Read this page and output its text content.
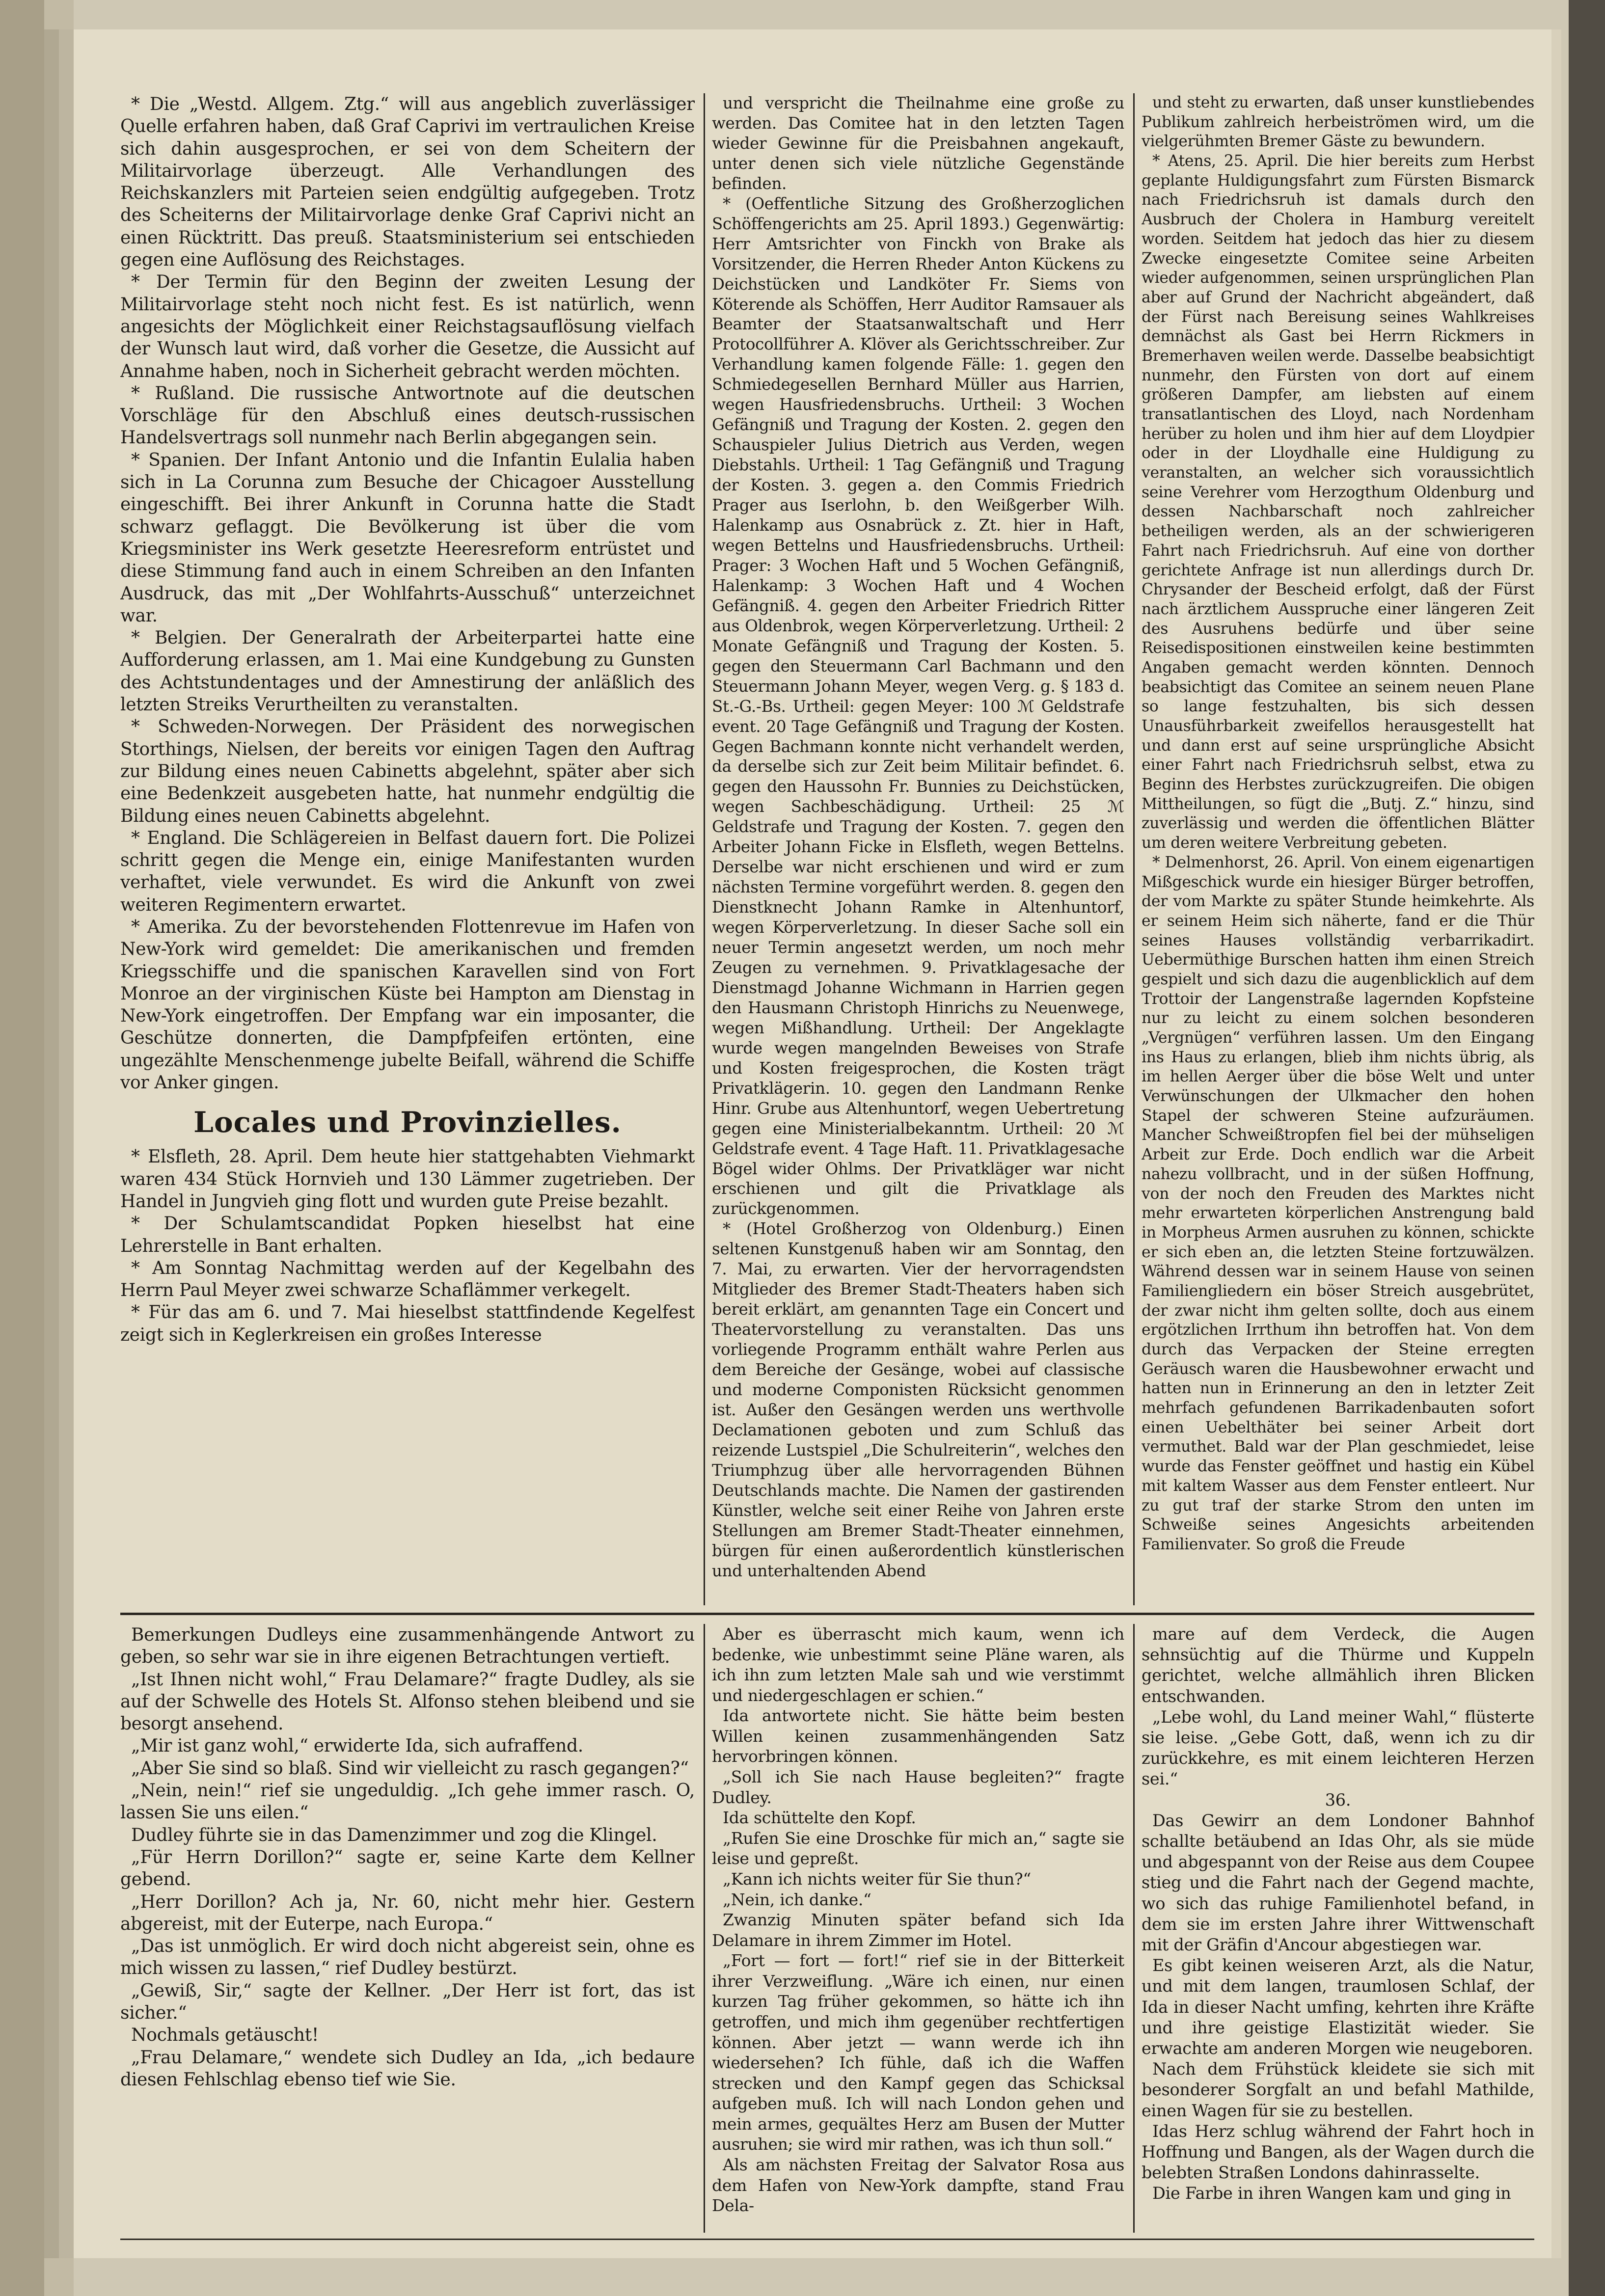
* Die „Westd. Allgem. Ztg.“ will aus angeblich zuverlässiger Quelle erfahren haben, daß Graf Caprivi im vertraulichen Kreise sich dahin ausgesprochen, er sei von dem Scheitern der Militairvorlage überzeugt. Alle Verhandlungen des Reichskanzlers mit Parteien seien endgültig aufgegeben. Trotz des Scheiterns der Militairvorlage denke Graf Caprivi nicht an einen Rücktritt. Das preuß. Staatsministerium sei entschieden gegen eine Auflösung des Reichstages.

* Der Termin für den Beginn der zweiten Lesung der Militairvorlage steht noch nicht fest. Es ist natürlich, wenn angesichts der Möglichkeit einer Reichstagsauflösung vielfach der Wunsch laut wird, daß vorher die Gesetze, die Aussicht auf Annahme haben, noch in Sicherheit gebracht werden möchten.

* Rußland. Die russische Antwortnote auf die deutschen Vorschläge für den Abschluß eines deutsch-russischen Handelsvertrags soll nunmehr nach Berlin abgegangen sein.

* Spanien. Der Infant Antonio und die Infantin Eulalia haben sich in La Corunna zum Besuche der Chicagoer Ausstellung eingeschifft. Bei ihrer Ankunft in Corunna hatte die Stadt schwarz geflaggt. Die Bevölkerung ist über die vom Kriegsminister ins Werk gesetzte Heeresreform entrüstet und diese Stimmung fand auch in einem Schreiben an den Infanten Ausdruck, das mit „Der Wohlfahrts-Ausschuß“ unterzeichnet war.

* Belgien. Der Generalrath der Arbeiterpartei hatte eine Aufforderung erlassen, am 1. Mai eine Kundgebung zu Gunsten des Achtstundentages und der Amnestirung der anläßlich des letzten Streiks Verurtheilten zu veranstalten.

* Schweden-Norwegen. Der Präsident des norwegischen Storthings, Nielsen, der bereits vor einigen Tagen den Auftrag zur Bildung eines neuen Cabinetts abgelehnt, später aber sich eine Bedenkzeit ausgebeten hatte, hat nunmehr endgültig die Bildung eines neuen Cabinetts abgelehnt.

* England. Die Schlägereien in Belfast dauern fort. Die Polizei schritt gegen die Menge ein, einige Manifestanten wurden verhaftet, viele verwundet. Es wird die Ankunft von zwei weiteren Regimentern erwartet.

* Amerika. Zu der bevorstehenden Flottenrevue im Hafen von New-York wird gemeldet: Die amerikanischen und fremden Kriegsschiffe und die spanischen Karavellen sind von Fort Monroe an der virginischen Küste bei Hampton am Dienstag in New-York eingetroffen. Der Empfang war ein imposanter, die Geschütze donnerten, die Dampfpfeifen ertönten, eine ungezählte Menschenmenge jubelte Beifall, während die Schiffe vor Anker gingen.

Locales und Provinzielles.

* Elsfleth, 28. April. Dem heute hier stattgehabten Viehmarkt waren 434 Stück Hornvieh und 130 Lämmer zugetrieben. Der Handel in Jungvieh ging flott und wurden gute Preise bezahlt.

* Der Schulamtscandidat Popken hieselbst hat eine Lehrerstelle in Bant erhalten.

* Am Sonntag Nachmittag werden auf der Kegelbahn des Herrn Paul Meyer zwei schwarze Schaflämmer verkegelt.

* Für das am 6. und 7. Mai hieselbst stattfindende Kegelfest zeigt sich in Keglerkreisen ein großes Interesse

und verspricht die Theilnahme eine große zu werden. Das Comitee hat in den letzten Tagen wieder Gewinne für die Preisbahnen angekauft, unter denen sich viele nützliche Gegenstände befinden.

* (Oeffentliche Sitzung des Großherzoglichen Schöffengerichts am 25. April 1893.) Gegenwärtig: Herr Amtsrichter von Finckh von Brake als Vorsitzender, die Herren Rheder Anton Kückens zu Deichstücken und Landköter Fr. Siems von Köterende als Schöffen, Herr Auditor Ramsauer als Beamter der Staatsanwaltschaft und Herr Protocollführer A. Klöver als Gerichtsschreiber. Zur Verhandlung kamen folgende Fälle: 1. gegen den Schmiedegesellen Bernhard Müller aus Harrien, wegen Hausfriedensbruchs. Urtheil: 3 Wochen Gefängniß und Tragung der Kosten. 2. gegen den Schauspieler Julius Dietrich aus Verden, wegen Diebstahls. Urtheil: 1 Tag Gefängniß und Tragung der Kosten. 3. gegen a. den Commis Friedrich Prager aus Iserlohn, b. den Weißgerber Wilh. Halenkamp aus Osnabrück z. Zt. hier in Haft, wegen Bettelns und Hausfriedensbruchs. Urtheil: Prager: 3 Wochen Haft und 5 Wochen Gefängniß, Halenkamp: 3 Wochen Haft und 4 Wochen Gefängniß. 4. gegen den Arbeiter Friedrich Ritter aus Oldenbrok, wegen Körperverletzung. Urtheil: 2 Monate Gefängniß und Tragung der Kosten. 5. gegen den Steuermann Carl Bachmann und den Steuermann Johann Meyer, wegen Verg. g. § 183 d. St.-G.-Bs. Urtheil: gegen Meyer: 100 ℳ Geldstrafe event. 20 Tage Gefängniß und Tragung der Kosten. Gegen Bachmann konnte nicht verhandelt werden, da derselbe sich zur Zeit beim Militair befindet. 6. gegen den Haussohn Fr. Bunnies zu Deichstücken, wegen Sachbeschädigung. Urtheil: 25 ℳ Geldstrafe und Tragung der Kosten. 7. gegen den Arbeiter Johann Ficke in Elsfleth, wegen Bettelns. Derselbe war nicht erschienen und wird er zum nächsten Termine vorgeführt werden. 8. gegen den Dienstknecht Johann Ramke in Altenhuntorf, wegen Körperverletzung. In dieser Sache soll ein neuer Termin angesetzt werden, um noch mehr Zeugen zu vernehmen. 9. Privatklagesache der Dienstmagd Johanne Wichmann in Harrien gegen den Hausmann Christoph Hinrichs zu Neuenwege, wegen Mißhandlung. Urtheil: Der Angeklagte wurde wegen mangelnden Beweises von Strafe und Kosten freigesprochen, die Kosten trägt Privatklägerin. 10. gegen den Landmann Renke Hinr. Grube aus Altenhuntorf, wegen Uebertretung gegen eine Ministerialbekanntm. Urtheil: 20 ℳ Geldstrafe event. 4 Tage Haft. 11. Privatklagesache Bögel wider Ohlms. Der Privatkläger war nicht erschienen und gilt die Privatklage als zurückgenommen.

* (Hotel Großherzog von Oldenburg.) Einen seltenen Kunstgenuß haben wir am Sonntag, den 7. Mai, zu erwarten. Vier der hervorragendsten Mitglieder des Bremer Stadt-Theaters haben sich bereit erklärt, am genannten Tage ein Concert und Theatervorstellung zu veranstalten. Das uns vorliegende Programm enthält wahre Perlen aus dem Bereiche der Gesänge, wobei auf classische und moderne Componisten Rücksicht genommen ist. Außer den Gesängen werden uns werthvolle Declamationen geboten und zum Schluß das reizende Lustspiel „Die Schulreiterin“, welches den Triumphzug über alle hervorragenden Bühnen Deutschlands machte. Die Namen der gastirenden Künstler, welche seit einer Reihe von Jahren erste Stellungen am Bremer Stadt-Theater einnehmen, bürgen für einen außerordentlich künstlerischen und unterhaltenden Abend

und steht zu erwarten, daß unser kunstliebendes Publikum zahlreich herbeiströmen wird, um die vielgerühmten Bremer Gäste zu bewundern.

* Atens, 25. April. Die hier bereits zum Herbst geplante Huldigungsfahrt zum Fürsten Bismarck nach Friedrichsruh ist damals durch den Ausbruch der Cholera in Hamburg vereitelt worden. Seitdem hat jedoch das hier zu diesem Zwecke eingesetzte Comitee seine Arbeiten wieder aufgenommen, seinen ursprünglichen Plan aber auf Grund der Nachricht abgeändert, daß der Fürst nach Bereisung seines Wahlkreises demnächst als Gast bei Herrn Rickmers in Bremerhaven weilen werde. Dasselbe beabsichtigt nunmehr, den Fürsten von dort auf einem größeren Dampfer, am liebsten auf einem transatlantischen des Lloyd, nach Nordenham herüber zu holen und ihm hier auf dem Lloydpier oder in der Lloydhalle eine Huldigung zu veranstalten, an welcher sich voraussichtlich seine Verehrer vom Herzogthum Oldenburg und dessen Nachbarschaft noch zahlreicher betheiligen werden, als an der schwierigeren Fahrt nach Friedrichsruh. Auf eine von dorther gerichtete Anfrage ist nun allerdings durch Dr. Chrysander der Bescheid erfolgt, daß der Fürst nach ärztlichem Ausspruche einer längeren Zeit des Ausruhens bedürfe und über seine Reisedispositionen einstweilen keine bestimmten Angaben gemacht werden könnten. Dennoch beabsichtigt das Comitee an seinem neuen Plane so lange festzuhalten, bis sich dessen Unausführbarkeit zweifellos herausgestellt hat und dann erst auf seine ursprüngliche Absicht einer Fahrt nach Friedrichsruh selbst, etwa zu Beginn des Herbstes zurückzugreifen. Die obigen Mittheilungen, so fügt die „Butj. Z.“ hinzu, sind zuverlässig und werden die öffentlichen Blätter um deren weitere Verbreitung gebeten.

* Delmenhorst, 26. April. Von einem eigenartigen Mißgeschick wurde ein hiesiger Bürger betroffen, der vom Markte zu später Stunde heimkehrte. Als er seinem Heim sich näherte, fand er die Thür seines Hauses vollständig verbarrikadirt. Uebermüthige Burschen hatten ihm einen Streich gespielt und sich dazu die augenblicklich auf dem Trottoir der Langenstraße lagernden Kopfsteine nur zu leicht zu einem solchen besonderen „Vergnügen“ verführen lassen. Um den Eingang ins Haus zu erlangen, blieb ihm nichts übrig, als im hellen Aerger über die böse Welt und unter Verwünschungen der Ulkmacher den hohen Stapel der schweren Steine aufzuräumen. Mancher Schweißtropfen fiel bei der mühseligen Arbeit zur Erde. Doch endlich war die Arbeit nahezu vollbracht, und in der süßen Hoffnung, von der noch den Freuden des Marktes nicht mehr erwarteten körperlichen Anstrengung bald in Morpheus Armen ausruhen zu können, schickte er sich eben an, die letzten Steine fortzuwälzen. Während dessen war in seinem Hause von seinen Familiengliedern ein böser Streich ausgebrütet, der zwar nicht ihm gelten sollte, doch aus einem ergötzlichen Irrthum ihn betroffen hat. Von dem durch das Verpacken der Steine erregten Geräusch waren die Hausbewohner erwacht und hatten nun in Erinnerung an den in letzter Zeit mehrfach gefundenen Barrikadenbauten sofort einen Uebelthäter bei seiner Arbeit dort vermuthet. Bald war der Plan geschmiedet, leise wurde das Fenster geöffnet und hastig ein Kübel mit kaltem Wasser aus dem Fenster entleert. Nur zu gut traf der starke Strom den unten im Schweiße seines Angesichts arbeitenden Familienvater. So groß die Freude

Bemerkungen Dudleys eine zusammenhängende Antwort zu geben, so sehr war sie in ihre eigenen Betrachtungen vertieft.

„Ist Ihnen nicht wohl,“ Frau Delamare?“ fragte Dudley, als sie auf der Schwelle des Hotels St. Alfonso stehen bleibend und sie besorgt ansehend.

„Mir ist ganz wohl,“ erwiderte Ida, sich aufraffend.

„Aber Sie sind so blaß. Sind wir vielleicht zu rasch gegangen?“

„Nein, nein!“ rief sie ungeduldig. „Ich gehe immer rasch. O, lassen Sie uns eilen.“

Dudley führte sie in das Damenzimmer und zog die Klingel.

„Für Herrn Dorillon?“ sagte er, seine Karte dem Kellner gebend.

„Herr Dorillon? Ach ja, Nr. 60, nicht mehr hier. Gestern abgereist, mit der Euterpe, nach Europa.“

„Das ist unmöglich. Er wird doch nicht abgereist sein, ohne es mich wissen zu lassen,“ rief Dudley bestürzt.

„Gewiß, Sir,“ sagte der Kellner. „Der Herr ist fort, das ist sicher.“

Nochmals getäuscht!

„Frau Delamare,“ wendete sich Dudley an Ida, „ich bedaure diesen Fehlschlag ebenso tief wie Sie.

Aber es überrascht mich kaum, wenn ich bedenke, wie unbestimmt seine Pläne waren, als ich ihn zum letzten Male sah und wie verstimmt und niedergeschlagen er schien.“

Ida antwortete nicht. Sie hätte beim besten Willen keinen zusammenhängenden Satz hervorbringen können.

„Soll ich Sie nach Hause begleiten?“ fragte Dudley.

Ida schüttelte den Kopf.

„Rufen Sie eine Droschke für mich an,“ sagte sie leise und gepreßt.

„Kann ich nichts weiter für Sie thun?“

„Nein, ich danke.“

Zwanzig Minuten später befand sich Ida Delamare in ihrem Zimmer im Hotel.

„Fort — fort — fort!“ rief sie in der Bitterkeit ihrer Verzweiflung. „Wäre ich einen, nur einen kurzen Tag früher gekommen, so hätte ich ihn getroffen, und mich ihm gegenüber rechtfertigen können. Aber jetzt — wann werde ich ihn wiedersehen? Ich fühle, daß ich die Waffen strecken und den Kampf gegen das Schicksal aufgeben muß. Ich will nach London gehen und mein armes, gequältes Herz am Busen der Mutter ausruhen; sie wird mir rathen, was ich thun soll.“

Als am nächsten Freitag der Salvator Rosa aus dem Hafen von New-York dampfte, stand Frau Dela-

mare auf dem Verdeck, die Augen sehnsüchtig auf die Thürme und Kuppeln gerichtet, welche allmählich ihren Blicken entschwanden.

„Lebe wohl, du Land meiner Wahl,“ flüsterte sie leise. „Gebe Gott, daß, wenn ich zu dir zurückkehre, es mit einem leichteren Herzen sei.“

36.

Das Gewirr an dem Londoner Bahnhof schallte betäubend an Idas Ohr, als sie müde und abgespannt von der Reise aus dem Coupee stieg und die Fahrt nach der Gegend machte, wo sich das ruhige Familienhotel befand, in dem sie im ersten Jahre ihrer Wittwenschaft mit der Gräfin d'Ancour abgestiegen war.

Es gibt keinen weiseren Arzt, als die Natur, und mit dem langen, traumlosen Schlaf, der Ida in dieser Nacht umfing, kehrten ihre Kräfte und ihre geistige Elastizität wieder. Sie erwachte am anderen Morgen wie neugeboren.

Nach dem Frühstück kleidete sie sich mit besonderer Sorgfalt an und befahl Mathilde, einen Wagen für sie zu bestellen.

Idas Herz schlug während der Fahrt hoch in Hoffnung und Bangen, als der Wagen durch die belebten Straßen Londons dahinrasselte.

Die Farbe in ihren Wangen kam und ging in
